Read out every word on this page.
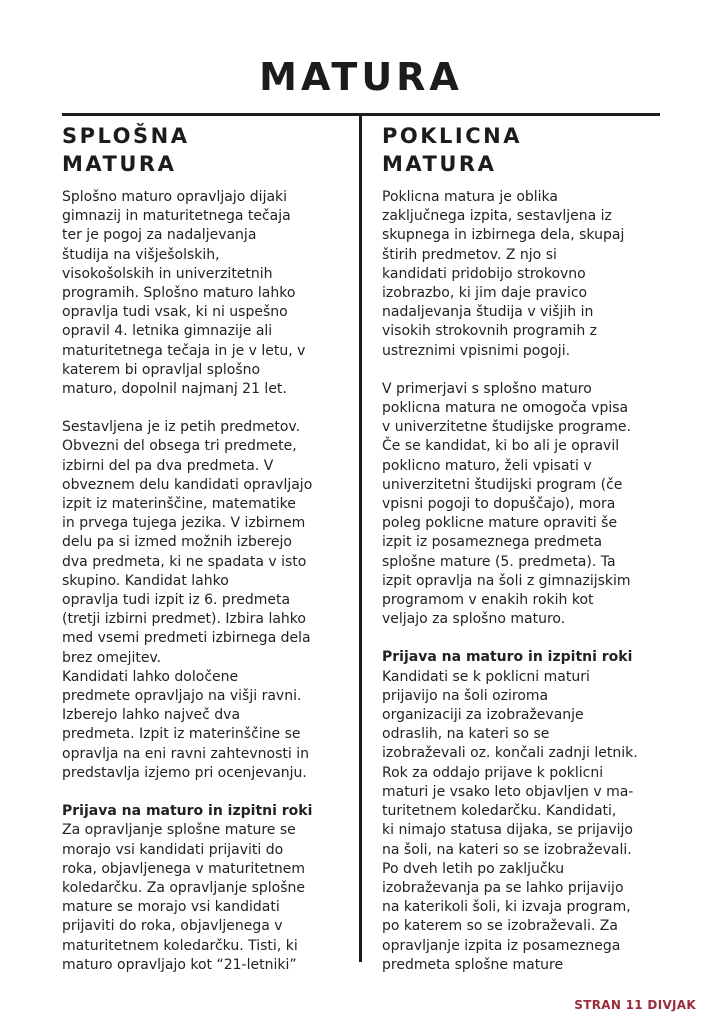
MATURA
SPLOŠNA
MATURA

Splošno maturo opravljajo dijaki
gimnazij in maturitetnega tečaja
ter je pogoj za nadaljevanja
študija na višješolskih,
visokošolskih in univerzitetnih
programih. Splošno maturo lahko
opravlja tudi vsak, ki ni uspešno
opravil 4. letnika gimnazije ali
maturitetnega tečaja in je v letu, v
katerem bi opravljal splošno
maturo, dopolnil najmanj 21 let.

Sestavljena je iz petih predmetov.
Obvezni del obsega tri predmete,
izbirni del pa dva predmeta. V
obveznem delu kandidati opravljajo
izpit iz materinščine, matematike
in prvega tujega jezika. V izbirnem
delu pa si izmed možnih izberejo
dva predmeta, ki ne spadata v isto
skupino. Kandidat lahko
opravlja tudi izpit iz 6. predmeta
(tretji izbirni predmet). Izbira lahko
med vsemi predmeti izbirnega dela
brez omejitev.
Kandidati lahko določene
predmete opravljajo na višji ravni.
Izberejo lahko največ dva
predmeta. Izpit iz materinščine se
opravlja na eni ravni zahtevnosti in
predstavlja izjemo pri ocenjevanju.

Prijava na maturo in izpitni roki

Za opravljanje splošne mature se
morajo vsi kandidati prijaviti do
roka, objavljenega v maturitetnem
koledarčku. Za opravljanje splošne
mature se morajo vsi kandidati
prijaviti do roka, objavljenega v
maturitetnem koledarčku. Tisti, ki
maturo opravljajo kot “21-letniki”

POKLICNA
MATURA

Poklicna matura je oblika
zaključnega izpita, sestavljena iz
skupnega in izbirnega dela, skupaj
štirih predmetov. Z njo si
kandidati pridobijo strokovno
izobrazbo, ki jim daje pravico
nadaljevanja študija v višjih in
visokih strokovnih programih z
ustreznimi vpisnimi pogoji.

V primerjavi s splošno maturo
poklicna matura ne omogoča vpisa
v univerzitetne študijske programe.
Če se kandidat, ki bo ali je opravil
poklicno maturo, želi vpisati v
univerzitetni študijski program (če
vpisni pogoji to dopuščajo), mora
poleg poklicne mature opraviti še
izpit iz posameznega predmeta
splošne mature (5. predmeta). Ta
izpit opravlja na šoli z gimnazijskim
programom v enakih rokih kot
veljajo za splošno maturo.

Prijava na maturo in izpitni roki

Kandidati se k poklicni maturi
prijavijo na šoli oziroma
organizaciji za izobraževanje
odraslih, na kateri so se
izobraževali oz. končali zadnji letnik.
Rok za oddajo prijave k poklicni
maturi je vsako leto objavljen v ma-
turitetnem koledarčku. Kandidati,
ki nimajo statusa dijaka, se prijavijo
na šoli, na kateri so se izobraževali.
Po dveh letih po zaključku
izobraževanja pa se lahko prijavijo
na katerikoli šoli, ki izvaja program,
po katerem so se izobraževali. Za
opravljanje izpita iz posameznega
predmeta splošne mature

STRAN 11 DIVJAK
